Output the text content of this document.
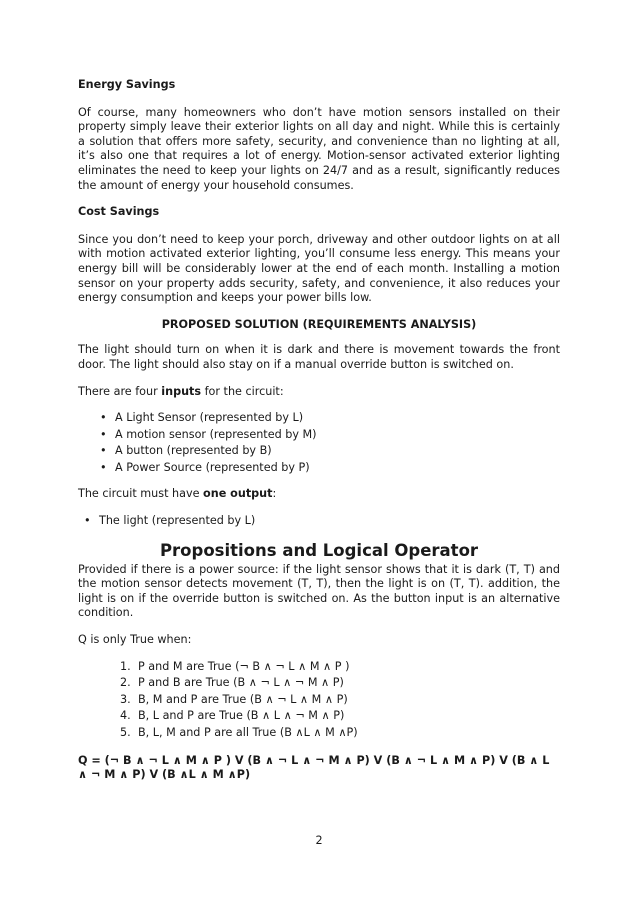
Energy Savings

Of course, many homeowners who don’t have motion sensors installed on their property simply leave their exterior lights on all day and night. While this is certainly a solution that offers more safety, security, and convenience than no lighting at all, it’s also one that requires a lot of energy. Motion-sensor activated exterior lighting eliminates the need to keep your lights on 24/7 and as a result, significantly reduces the amount of energy your household consumes.

Cost Savings

Since you don’t need to keep your porch, driveway and other outdoor lights on at all with motion activated exterior lighting, you’ll consume less energy. This means your energy bill will be considerably lower at the end of each month. Installing a motion sensor on your property adds security, safety, and convenience, it also reduces your energy consumption and keeps your power bills low.

PROPOSED SOLUTION (REQUIREMENTS ANALYSIS)

The light should turn on when it is dark and there is movement towards the front door. The light should also stay on if a manual override button is switched on.

There are four inputs for the circuit:

• A Light Sensor (represented by L)
• A motion sensor (represented by M)
• A button (represented by B)
• A Power Source (represented by P)

The circuit must have one output:

• The light (represented by L)
Propositions and Logical Operator

Provided if there is a power source: if the light sensor shows that it is dark (T, T) and the motion sensor detects movement (T, T), then the light is on (T, T). addition, the light is on if the override button is switched on. As the button input is an alternative condition.

Q is only True when:

1. P and M are True (¬ B ∧ ¬ L ∧ M ∧ P )
2. P and B are True (B ∧ ¬ L ∧ ¬ M ∧ P)
3. B, M and P are True (B ∧ ¬ L ∧ M ∧ P)
4. B, L and P are True (B ∧ L ∧ ¬ M ∧ P)
5. B, L, M and P are all True (B ∧L ∧ M ∧P)

Q = (¬ B ∧ ¬ L ∧ M ∧ P ) V (B ∧ ¬ L ∧ ¬ M ∧ P) V (B ∧ ¬ L ∧ M ∧ P) V (B ∧ L ∧ ¬ M ∧ P) V (B ∧L ∧ M ∧P)

2
